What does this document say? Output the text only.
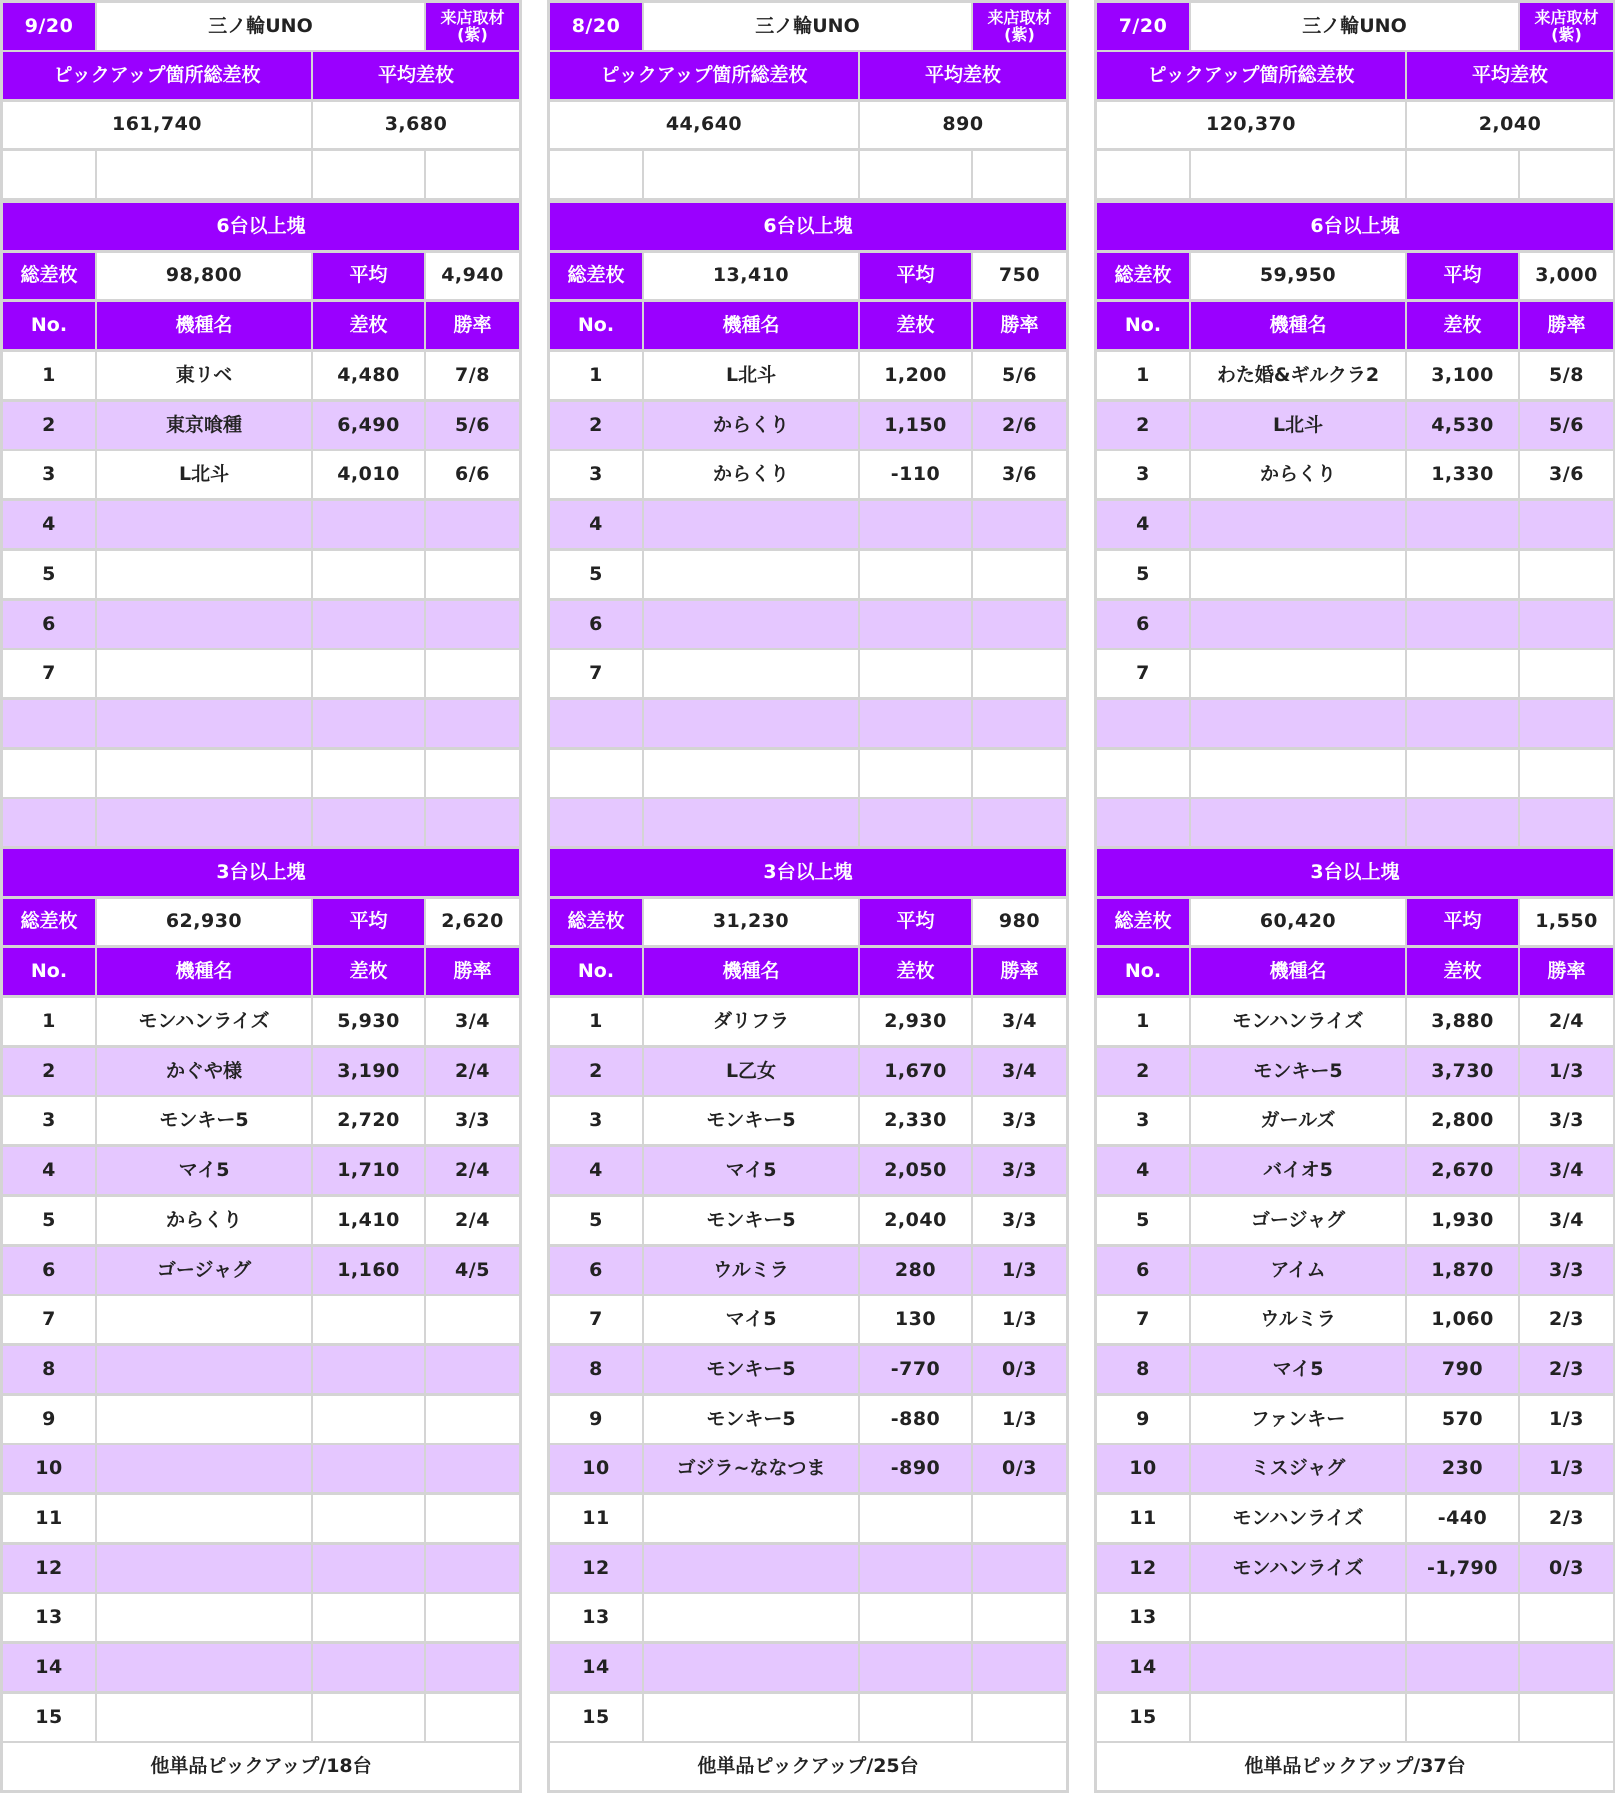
9/20	三ノ輪UNO	来店取材(紫)
ピックアップ箇所総差枚	平均差枚
161,740	3,680
6台以上塊
総差枚	98,800	平均	4,940
No.	機種名	差枚	勝率
1	東リベ	4,480	7/8
2	東京喰種	6,490	5/6
3	L北斗	4,010	6/6
4
5
6
7
3台以上塊
総差枚	62,930	平均	2,620
No.	機種名	差枚	勝率
1	モンハンライズ	5,930	3/4
2	かぐや様	3,190	2/4
3	モンキー5	2,720	3/3
4	マイ5	1,710	2/4
5	からくり	1,410	2/4
6	ゴージャグ	1,160	4/5
7
8
9
10
11
12
13
14
15
他単品ピックアップ/18台
8/20	三ノ輪UNO	来店取材(紫)
ピックアップ箇所総差枚	平均差枚
44,640	890
6台以上塊
総差枚	13,410	平均	750
No.	機種名	差枚	勝率
1	L北斗	1,200	5/6
2	からくり	1,150	2/6
3	からくり	-110	3/6
4
5
6
7
3台以上塊
総差枚	31,230	平均	980
No.	機種名	差枚	勝率
1	ダリフラ	2,930	3/4
2	L乙女	1,670	3/4
3	モンキー5	2,330	3/3
4	マイ5	2,050	3/3
5	モンキー5	2,040	3/3
6	ウルミラ	280	1/3
7	マイ5	130	1/3
8	モンキー5	-770	0/3
9	モンキー5	-880	1/3
10	ゴジラ~ななつま	-890	0/3
11
12
13
14
15
他単品ピックアップ/25台
7/20	三ノ輪UNO	来店取材(紫)
ピックアップ箇所総差枚	平均差枚
120,370	2,040
6台以上塊
総差枚	59,950	平均	3,000
No.	機種名	差枚	勝率
1	わた婚&ギルクラ2	3,100	5/8
2	L北斗	4,530	5/6
3	からくり	1,330	3/6
4
5
6
7
3台以上塊
総差枚	60,420	平均	1,550
No.	機種名	差枚	勝率
1	モンハンライズ	3,880	2/4
2	モンキー5	3,730	1/3
3	ガールズ	2,800	3/3
4	バイオ5	2,670	3/4
5	ゴージャグ	1,930	3/4
6	アイム	1,870	3/3
7	ウルミラ	1,060	2/3
8	マイ5	790	2/3
9	ファンキー	570	1/3
10	ミスジャグ	230	1/3
11	モンハンライズ	-440	2/3
12	モンハンライズ	-1,790	0/3
13
14
15
他単品ピックアップ/37台
